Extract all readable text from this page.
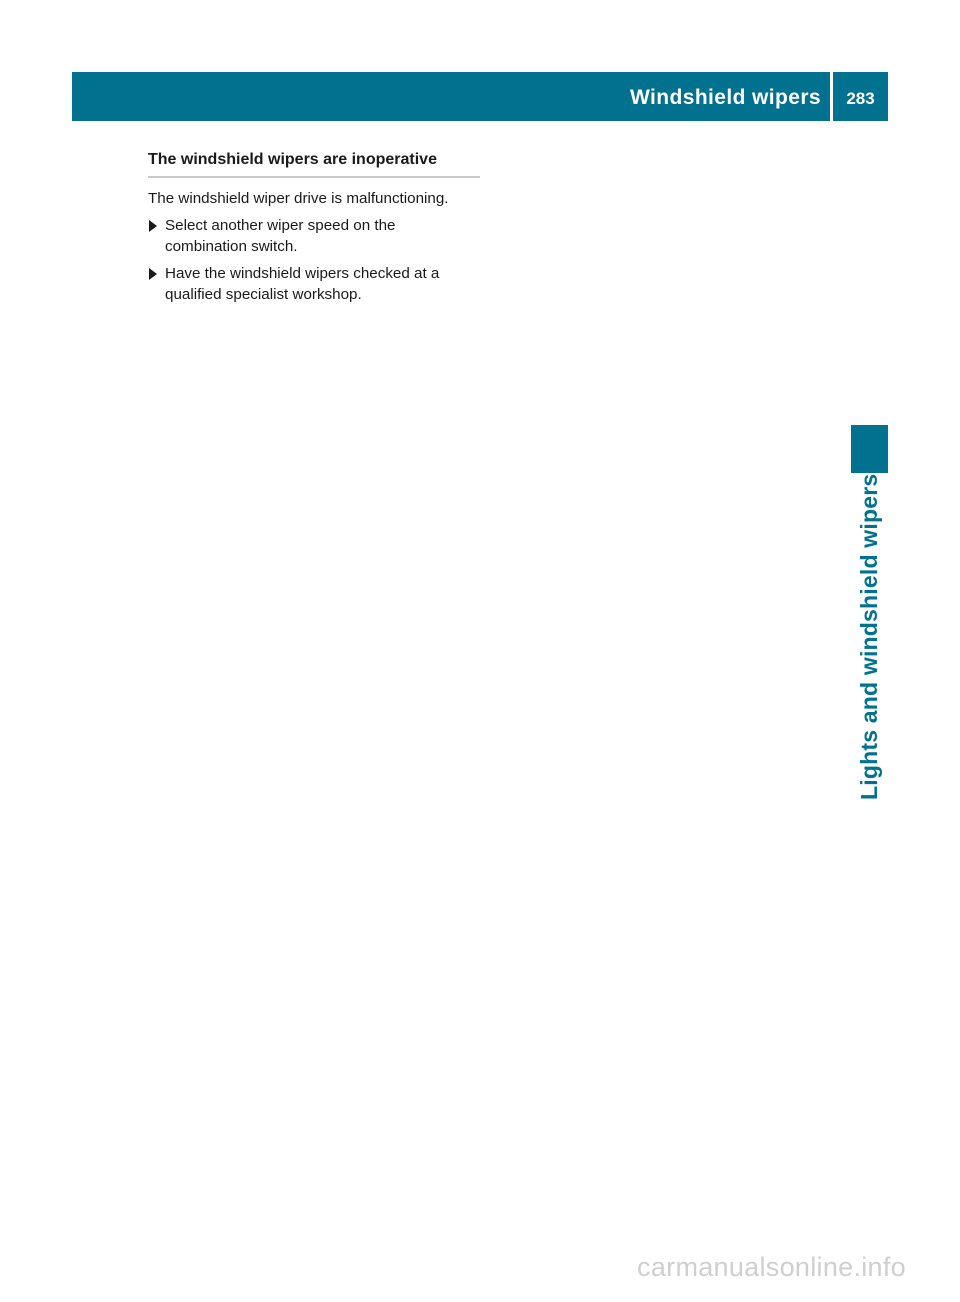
Windshield wipers	283
Lights and windshield wipers
The windshield wipers are inoperative

The windshield wiper drive is malfunctioning.

Select another wiper speed on the
combination switch.
Have the windshield wipers checked at a
qualified specialist workshop.
carmanualsonline.info
